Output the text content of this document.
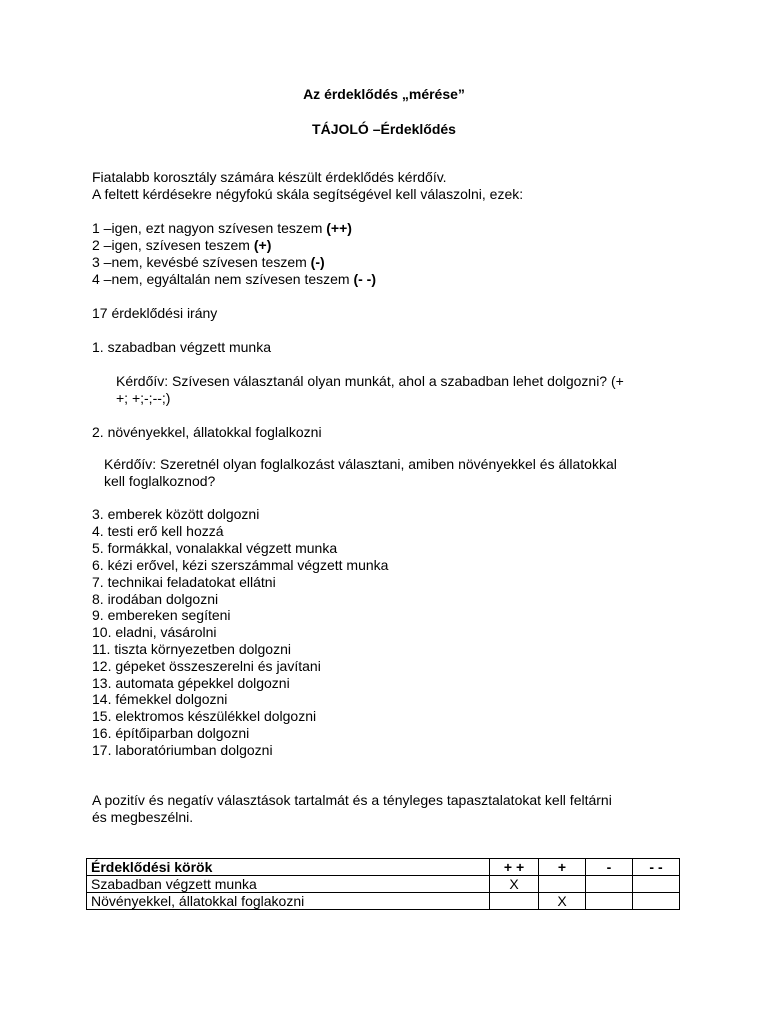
Az érdeklődés „mérése”
TÁJOLÓ –Érdeklődés
Fiatalabb korosztály számára készült érdeklődés kérdőív.
A feltett kérdésekre négyfokú skála segítségével kell válaszolni, ezek:
1 –igen, ezt nagyon szívesen teszem (++)
2 –igen, szívesen teszem (+)
3 –nem, kevésbé szívesen teszem (-)
4 –nem, egyáltalán nem szívesen teszem (- -)
17 érdeklődési irány
1. szabadban végzett munka
Kérdőív: Szívesen választanál olyan munkát, ahol a szabadban lehet dolgozni? (+
+; +;-;--;)
2. növényekkel, állatokkal foglalkozni
Kérdőív: Szeretnél olyan foglalkozást választani, amiben növényekkel és állatokkal
kell foglalkoznod?
3. emberek között dolgozni
4. testi erő kell hozzá
5. formákkal, vonalakkal végzett munka
6. kézi erővel, kézi szerszámmal végzett munka
7. technikai feladatokat ellátni
8. irodában dolgozni
9. embereken segíteni
10. eladni, vásárolni
11. tiszta környezetben dolgozni
12. gépeket összeszerelni és javítani
13. automata gépekkel dolgozni
14. fémekkel dolgozni
15. elektromos készülékkel dolgozni
16. építőiparban dolgozni
17. laboratóriumban dolgozni
A pozitív és negatív választások tartalmát és a tényleges tapasztalatokat kell feltárni
és megbeszélni.
Érdeklődési körök	+ +	+	-	- -
Szabadban végzett munka	X			
Növényekkel, állatokkal foglakozni		X		
